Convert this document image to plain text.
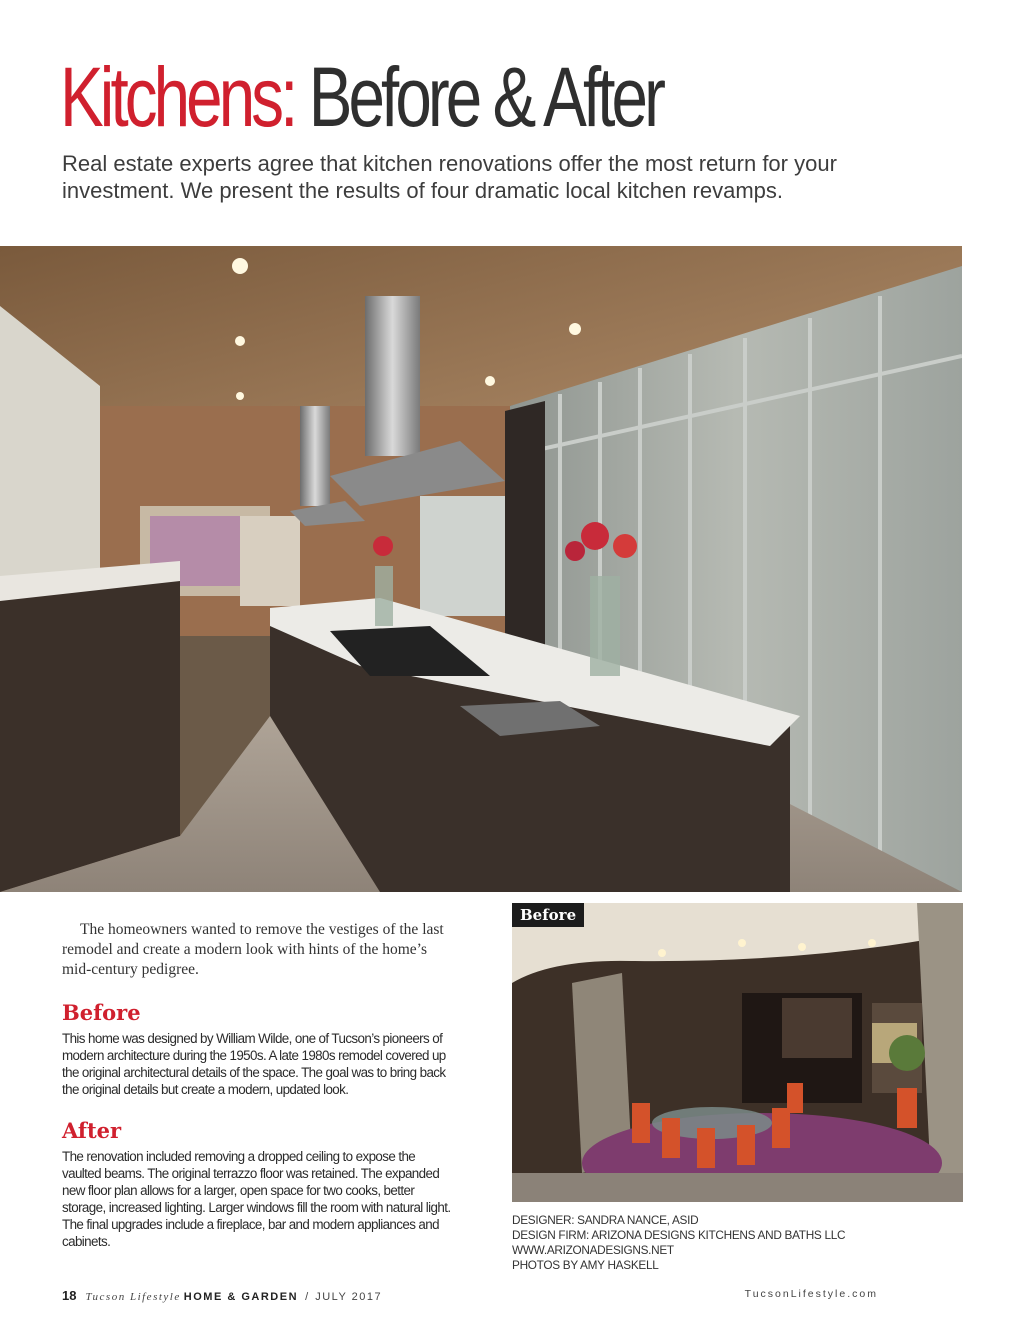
Kitchens: Before & After

Real estate experts agree that kitchen renovations offer the most return for your investment. We present the results of four dramatic local kitchen revamps.

The homeowners wanted to remove the vestiges of the last remodel and create a modern look with hints of the home’s mid-century pedigree.

Before

This home was designed by William Wilde, one of Tucson’s pioneers of modern architecture during the 1950s. A late 1980s remodel covered up the original architectural details of the space. The goal was to bring back the original details but create a modern, updated look.

After

The renovation included removing a dropped ceiling to expose the vaulted beams. The original terrazzo floor was retained. The expanded new floor plan allows for a larger, open space for two cooks, better storage, increased lighting. Larger windows fill the room with natural light. The final upgrades include a fireplace, bar and modern appliances and cabinets.

Before
DESIGNER: SANDRA NANCE, ASID
DESIGN FIRM: ARIZONA DESIGNS KITCHENS AND BATHS LLC
WWW.ARIZONADESIGNS.NET
PHOTOS BY AMY HASKELL
18 Tucson Lifestyle HOME & GARDEN / JULY 2017	TucsonLifestyle.com
